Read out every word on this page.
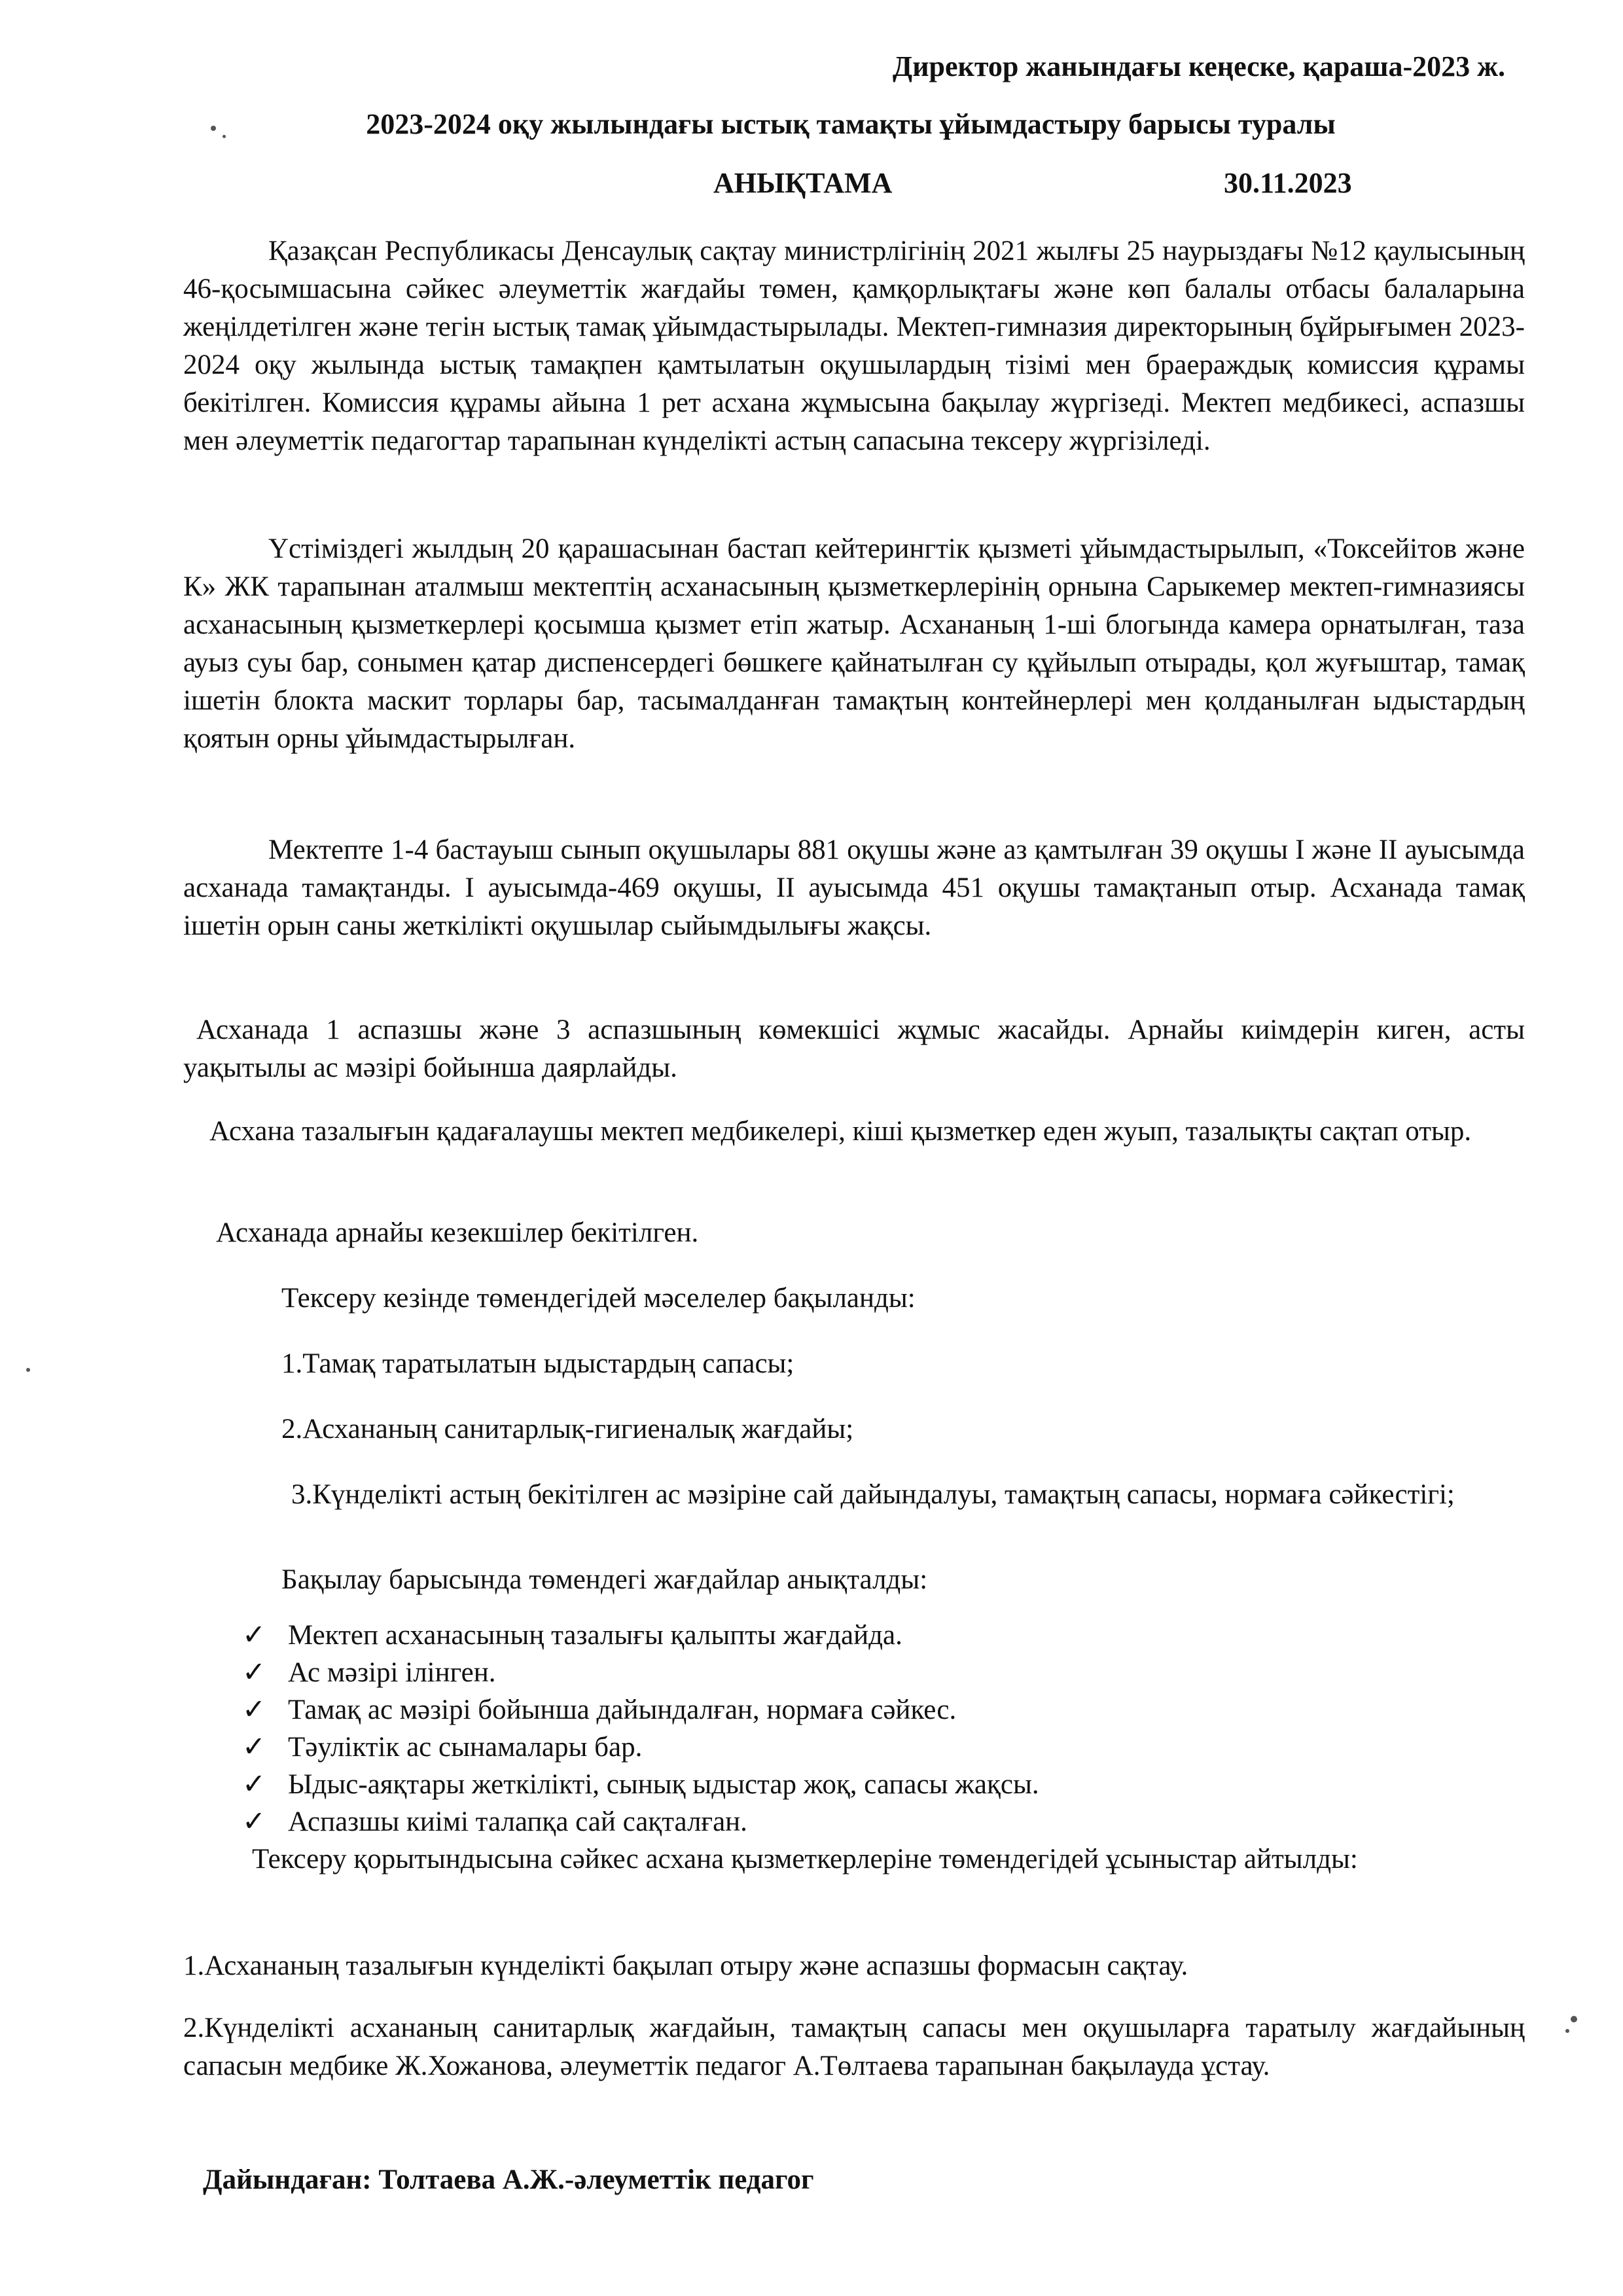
Директор жанындағы кеңеске, қараша-2023 ж.
2023-2024 оқу жылындағы ыстық тамақты ұйымдастыру барысы туралы
АНЫҚТАМА	30.11.2023
Қазақсан Республикасы Денсаулық сақтау министрлігінің 2021 жылғы 25 наурыздағы №12 қаулысының 46-қосымшасына сәйкес әлеуметтік жағдайы төмен, қамқорлықтағы және көп балалы отбасы балаларына жеңілдетілген және тегін ыстық тамақ ұйымдастырылады. Мектеп-гимназия директорының бұйрығымен 2023-2024 оқу жылында ыстық тамақпен қамтылатын оқушылардың тізімі мен браераждық комиссия құрамы бекітілген. Комиссия құрамы айына 1 рет асхана жұмысына бақылау жүргізеді. Мектеп медбикесі, аспазшы мен әлеуметтік педагогтар тарапынан күнделікті астың сапасына тексеру жүргізіледі.
Үстіміздегі жылдың 20 қарашасынан бастап кейтерингтік қызметі ұйымдастырылып, «Токсейітов және К» ЖК тарапынан аталмыш мектептің асханасының қызметкерлерінің орнына Сарыкемер мектеп-гимназиясы асханасының қызметкерлері қосымша қызмет етіп жатыр. Асхананың 1-ші блогында камера орнатылған, таза ауыз суы бар, сонымен қатар диспенсердегі бөшкеге қайнатылған су құйылып отырады, қол жуғыштар, тамақ ішетін блокта маскит торлары бар, тасымалданған тамақтың контейнерлері мен қолданылған ыдыстардың қоятын орны ұйымдастырылған.
Мектепте 1-4 бастауыш сынып оқушылары 881 оқушы және аз қамтылған 39 оқушы І және ІІ ауысымда асханада тамақтанды. І ауысымда-469 оқушы, ІІ ауысымда 451 оқушы тамақтанып отыр. Асханада тамақ ішетін орын саны жеткілікті оқушылар сыйымдылығы жақсы.
Асханада 1 аспазшы және 3 аспазшының көмекшісі жұмыс жасайды. Арнайы киімдерін киген, асты уақытылы ас мәзірі бойынша даярлайды.
Асхана тазалығын қадағалаушы мектеп медбикелері, кіші қызметкер еден жуып, тазалықты сақтап отыр.
Асханада арнайы кезекшілер бекітілген.
Тексеру кезінде төмендегідей мәселелер бақыланды:
1.Тамақ таратылатын ыдыстардың сапасы;
2.Асхананың санитарлық-гигиеналық жағдайы;
3.Күнделікті астың бекітілген ас мәзіріне сай дайындалуы, тамақтың сапасы, нормаға сәйкестігі;
Бақылау барысында төмендегі жағдайлар анықталды:
✓ Мектеп асханасының тазалығы қалыпты жағдайда.
✓ Ас мәзірі ілінген.
✓ Тамақ ас мәзірі бойынша дайындалған, нормаға сәйкес.
✓ Тәуліктік ас сынамалары бар.
✓ Ыдыс-аяқтары жеткілікті, сынық ыдыстар жоқ, сапасы жақсы.
✓ Аспазшы киімі талапқа сай сақталған.
Тексеру қорытындысына сәйкес асхана қызметкерлеріне төмендегідей ұсыныстар айтылды:
1.Асхананың тазалығын күнделікті бақылап отыру және аспазшы формасын сақтау.
2.Күнделікті асхананың санитарлық жағдайын, тамақтың сапасы мен оқушыларға таратылу жағдайының сапасын медбике Ж.Хожанова, әлеуметтік педагог А.Төлтаева тарапынан бақылауда ұстау.
Дайындаған: Толтаева А.Ж.-әлеуметтік педагог
